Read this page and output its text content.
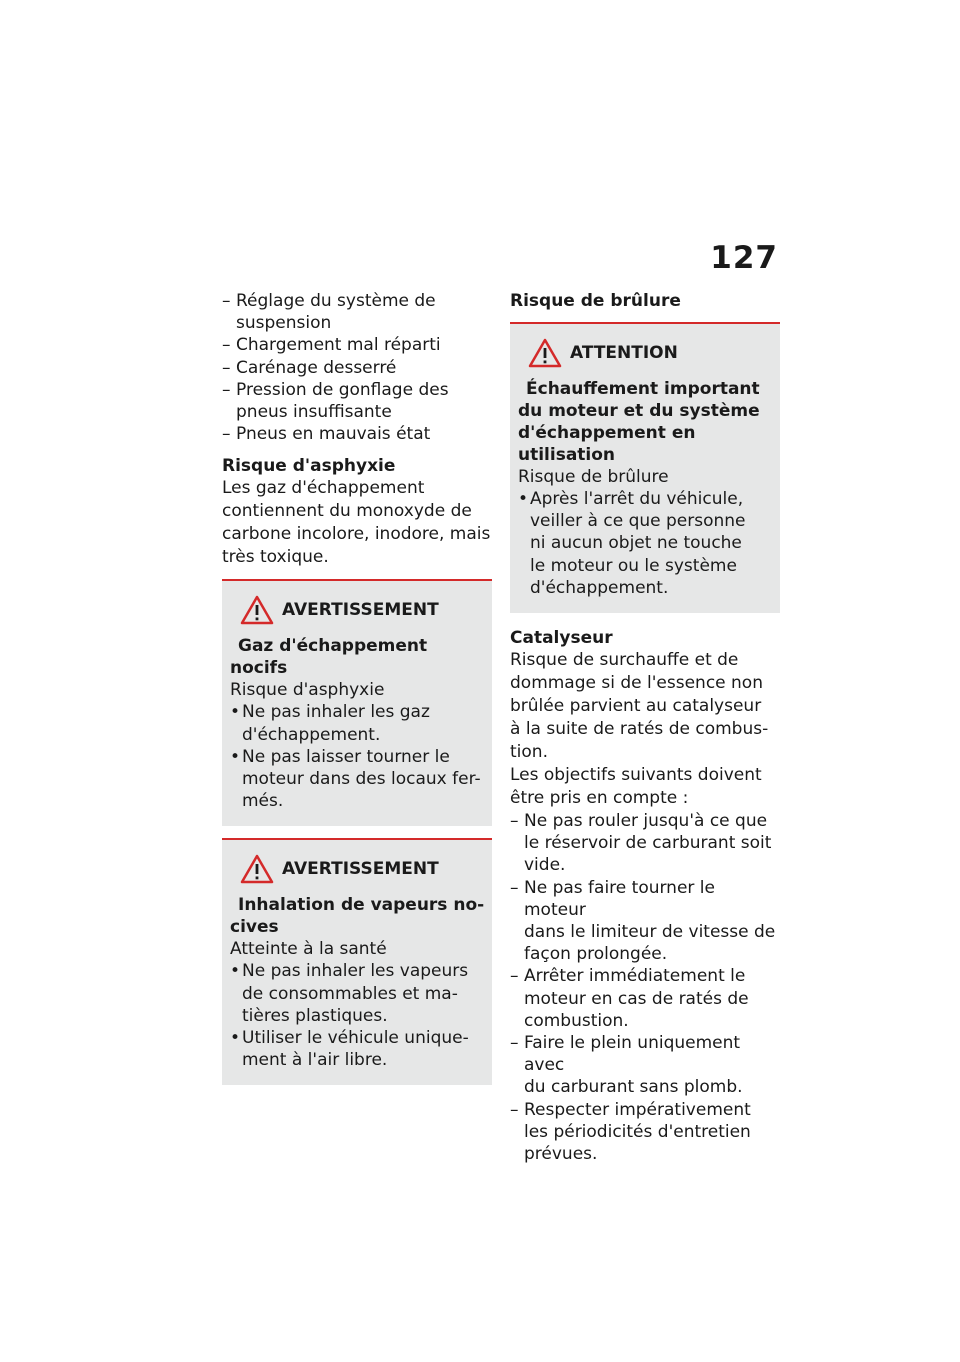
127
– Réglage du système de
suspension
– Chargement mal réparti
– Carénage desserré
– Pression de gonflage des
pneus insuffisante
– Pneus en mauvais état
Risque d'asphyxie
Les gaz d'échappement
contiennent du monoxyde de
carbone incolore, inodore, mais
très toxique.
AVERTISSEMENT
Gaz d'échappement nocifs
Risque d'asphyxie
• Ne pas inhaler les gaz
d'échappement.
• Ne pas laisser tourner le
moteur dans des locaux fer-
més.
AVERTISSEMENT
Inhalation de vapeurs no-
cives
Atteinte à la santé
• Ne pas inhaler les vapeurs
de consommables et ma-
tières plastiques.
• Utiliser le véhicule unique-
ment à l'air libre.
Risque de brûlure
ATTENTION
Échauffement important
du moteur et du système
d'échappement en utilisation
Risque de brûlure
• Après l'arrêt du véhicule,
veiller à ce que personne
ni aucun objet ne touche
le moteur ou le système
d'échappement.
Catalyseur
Risque de surchauffe et de
dommage si de l'essence non
brûlée parvient au catalyseur
à la suite de ratés de combus-
tion.
Les objectifs suivants doivent
être pris en compte :
– Ne pas rouler jusqu'à ce que
le réservoir de carburant soit
vide.
– Ne pas faire tourner le moteur
dans le limiteur de vitesse de
façon prolongée.
– Arrêter immédiatement le
moteur en cas de ratés de
combustion.
– Faire le plein uniquement avec
du carburant sans plomb.
– Respecter impérativement
les périodicités d'entretien
prévues.
